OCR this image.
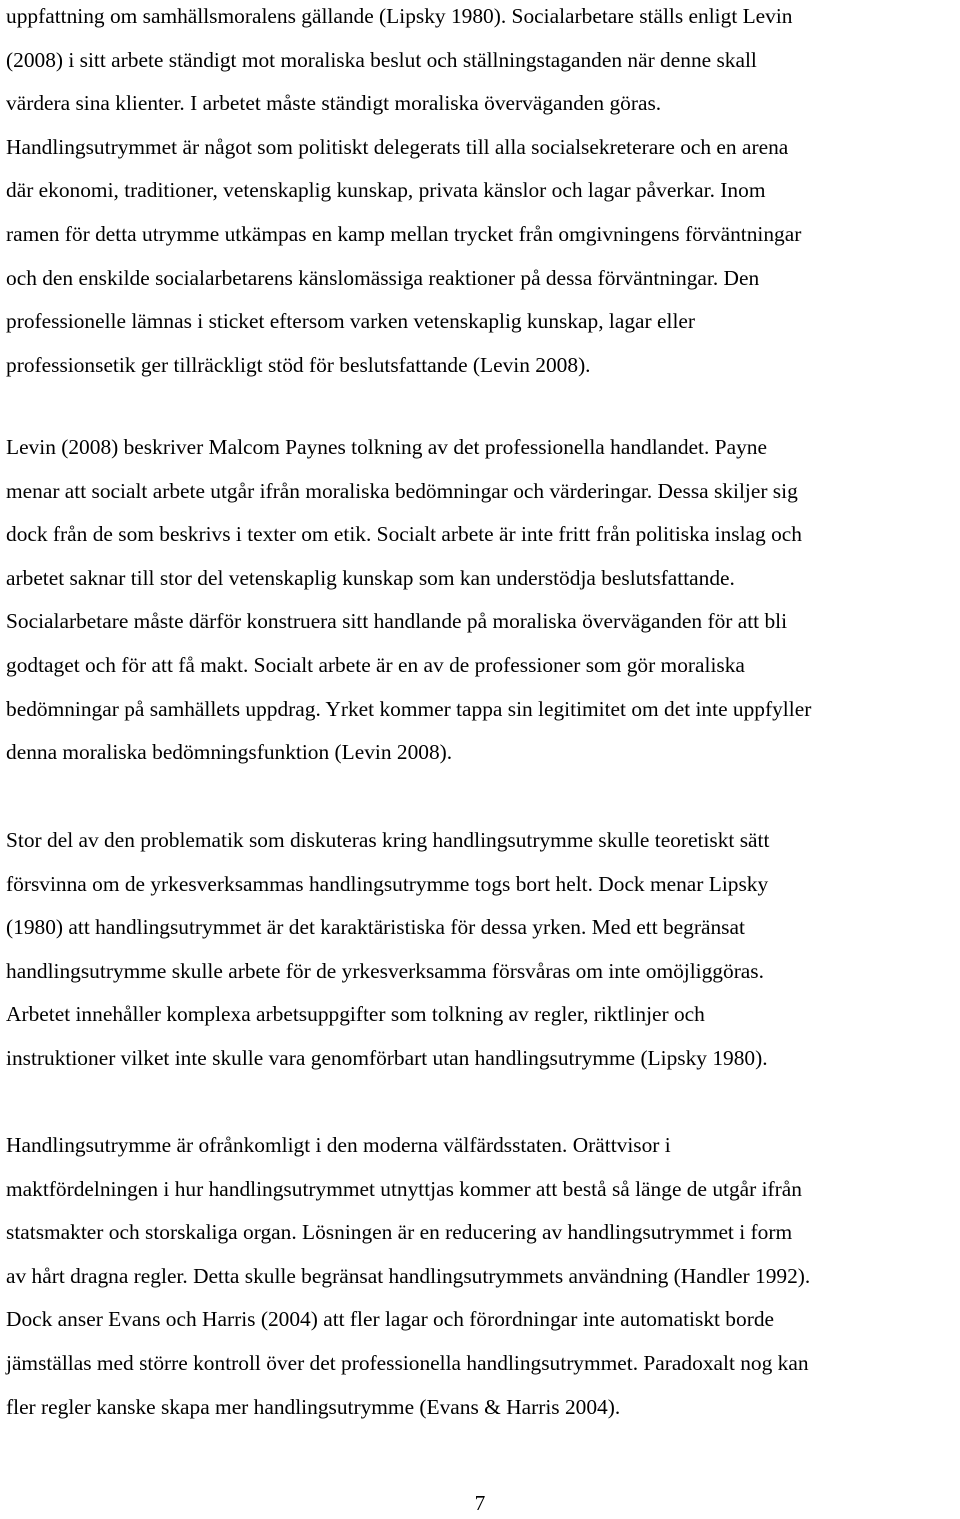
uppfattning om samhällsmoralens gällande (Lipsky 1980). Socialarbetare ställs enligt Levin
(2008) i sitt arbete ständigt mot moraliska beslut och ställningstaganden när denne skall
värdera sina klienter. I arbetet måste ständigt moraliska överväganden göras.
Handlingsutrymmet är något som politiskt delegerats till alla socialsekreterare och en arena
där ekonomi, traditioner, vetenskaplig kunskap, privata känslor och lagar påverkar. Inom
ramen för detta utrymme utkämpas en kamp mellan trycket från omgivningens förväntningar
och den enskilde socialarbetarens känslomässiga reaktioner på dessa förväntningar. Den
professionelle lämnas i sticket eftersom varken vetenskaplig kunskap, lagar eller
professionsetik ger tillräckligt stöd för beslutsfattande (Levin 2008).
Levin (2008) beskriver Malcom Paynes tolkning av det professionella handlandet. Payne
menar att socialt arbete utgår ifrån moraliska bedömningar och värderingar. Dessa skiljer sig
dock från de som beskrivs i texter om etik. Socialt arbete är inte fritt från politiska inslag och
arbetet saknar till stor del vetenskaplig kunskap som kan understödja beslutsfattande.
Socialarbetare måste därför konstruera sitt handlande på moraliska överväganden för att bli
godtaget och för att få makt. Socialt arbete är en av de professioner som gör moraliska
bedömningar på samhällets uppdrag. Yrket kommer tappa sin legitimitet om det inte uppfyller
denna moraliska bedömningsfunktion (Levin 2008).
Stor del av den problematik som diskuteras kring handlingsutrymme skulle teoretiskt sätt
försvinna om de yrkesverksammas handlingsutrymme togs bort helt. Dock menar Lipsky
(1980) att handlingsutrymmet är det karaktäristiska för dessa yrken. Med ett begränsat
handlingsutrymme skulle arbete för de yrkesverksamma försvåras om inte omöjliggöras.
Arbetet innehåller komplexa arbetsuppgifter som tolkning av regler, riktlinjer och
instruktioner vilket inte skulle vara genomförbart utan handlingsutrymme (Lipsky 1980).
Handlingsutrymme är ofrånkomligt i den moderna välfärdsstaten. Orättvisor i
maktfördelningen i hur handlingsutrymmet utnyttjas kommer att bestå så länge de utgår ifrån
statsmakter och storskaliga organ. Lösningen är en reducering av handlingsutrymmet i form
av hårt dragna regler. Detta skulle begränsat handlingsutrymmets användning (Handler 1992).
Dock anser Evans och Harris (2004) att fler lagar och förordningar inte automatiskt borde
jämställas med större kontroll över det professionella handlingsutrymmet. Paradoxalt nog kan
fler regler kanske skapa mer handlingsutrymme (Evans & Harris 2004).
7
